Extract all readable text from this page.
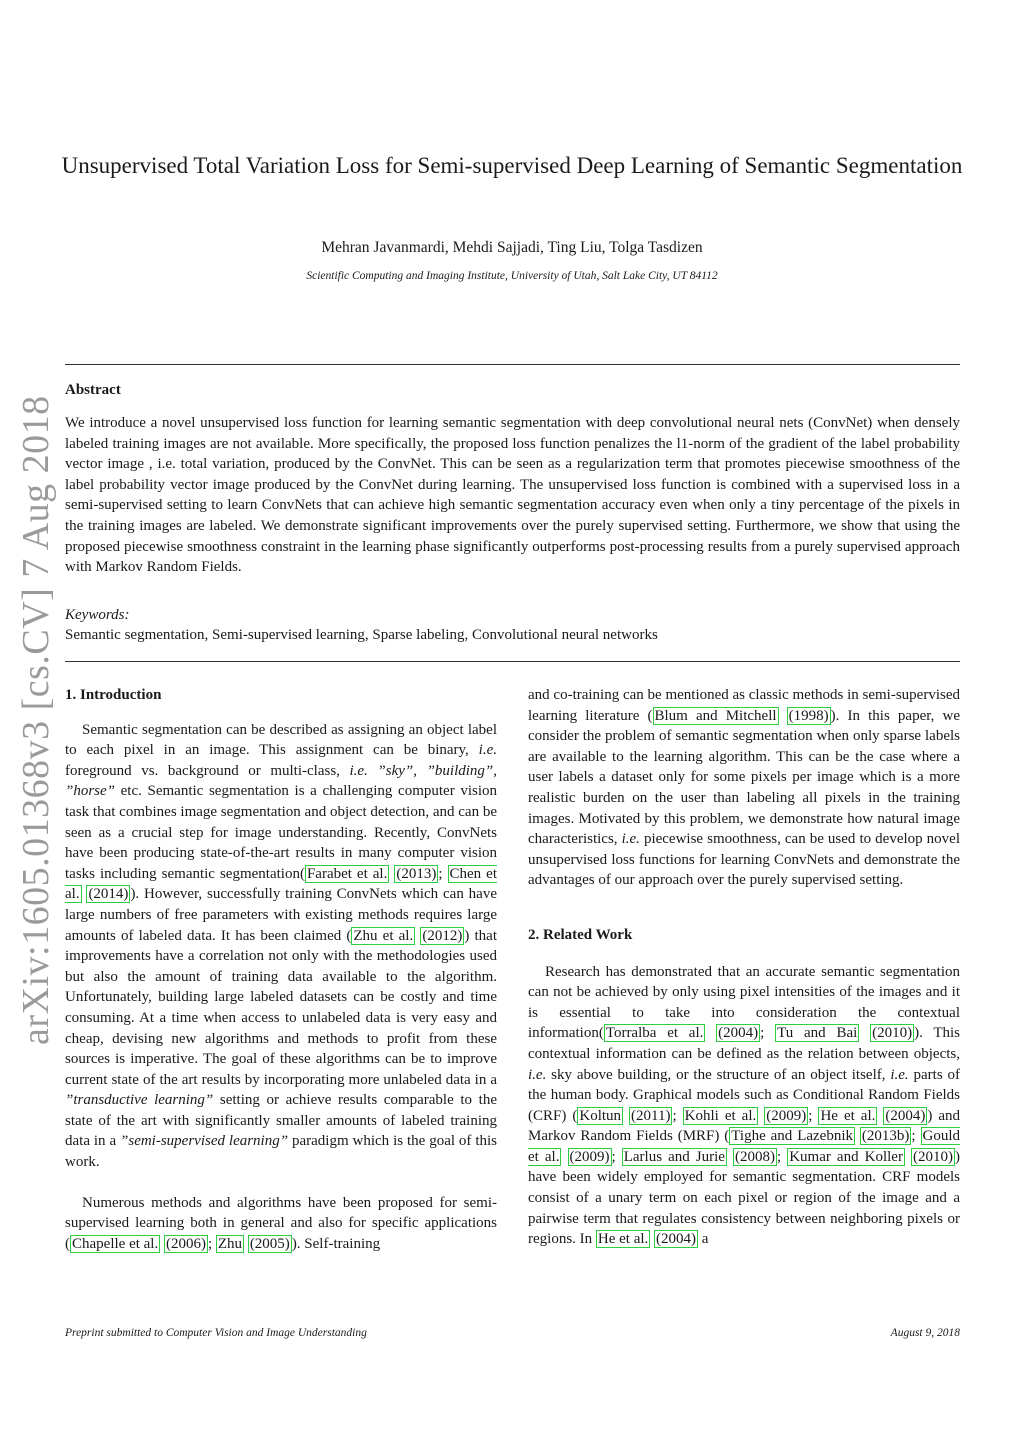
Unsupervised Total Variation Loss for Semi-supervised Deep Learning of Semantic Segmentation
Mehran Javanmardi, Mehdi Sajjadi, Ting Liu, Tolga Tasdizen
Scientific Computing and Imaging Institute, University of Utah, Salt Lake City, UT 84112
arXiv:1605.01368v3 [cs.CV] 7 Aug 2018
Abstract
We introduce a novel unsupervised loss function for learning semantic segmentation with deep convolutional neural nets (ConvNet) when densely labeled training images are not available. More specifically, the proposed loss function penalizes the l1-norm of the gradient of the label probability vector image , i.e. total variation, produced by the ConvNet. This can be seen as a regularization term that promotes piecewise smoothness of the label probability vector image produced by the ConvNet during learning. The unsupervised loss function is combined with a supervised loss in a semi-supervised setting to learn ConvNets that can achieve high semantic segmentation accuracy even when only a tiny percentage of the pixels in the training images are labeled. We demonstrate significant improvements over the purely supervised setting. Furthermore, we show that using the proposed piecewise smoothness constraint in the learning phase significantly outperforms post-processing results from a purely supervised approach with Markov Random Fields.
Keywords:
Semantic segmentation, Semi-supervised learning, Sparse labeling, Convolutional neural networks
1. Introduction

Semantic segmentation can be described as assigning an object label to each pixel in an image. This assignment can be binary, i.e. foreground vs. background or multi-class, i.e. ”sky”, ”building”, ”horse” etc. Semantic segmentation is a challenging computer vision task that combines image segmentation and object detection, and can be seen as a crucial step for image understanding. Recently, ConvNets have been producing state-of-the-art results in many computer vision tasks including semantic segmentation( Farabet et al. (2013) ; Chen et al. (2014) ). However, successfully training ConvNets which can have large numbers of free parameters with existing methods requires large amounts of labeled data. It has been claimed ( Zhu et al. (2012) ) that improvements have a correlation not only with the methodologies used but also the amount of training data available to the algorithm. Unfortunately, building large labeled datasets can be costly and time consuming. At a time when access to unlabeled data is very easy and cheap, devising new algorithms and methods to profit from these sources is imperative. The goal of these algorithms can be to improve current state of the art results by incorporating more unlabeled data in a ”transductive learning” setting or achieve results comparable to the state of the art with significantly smaller amounts of labeled training data in a ”semi-supervised learning” paradigm which is the goal of this work.

Numerous methods and algorithms have been proposed for semi-supervised learning both in general and also for specific applications ( Chapelle et al. (2006) ; Zhu (2005) ). Self-training

and co-training can be mentioned as classic methods in semi-supervised learning literature ( Blum and Mitchell (1998) ). In this paper, we consider the problem of semantic segmentation when only sparse labels are available to the learning algorithm. This can be the case where a user labels a dataset only for some pixels per image which is a more realistic burden on the user than labeling all pixels in the training images. Motivated by this problem, we demonstrate how natural image characteristics, i.e. piecewise smoothness, can be used to develop novel unsupervised loss functions for learning ConvNets and demonstrate the advantages of our approach over the purely supervised setting.

2. Related Work

Research has demonstrated that an accurate semantic segmentation can not be achieved by only using pixel intensities of the images and it is essential to take into consideration the contextual information( Torralba et al. (2004) ; Tu and Bai (2010) ). This contextual information can be defined as the relation between objects, i.e. sky above building, or the structure of an object itself, i.e. parts of the human body. Graphical models such as Conditional Random Fields (CRF) ( Koltun (2011) ; Kohli et al. (2009) ; He et al. (2004) ) and Markov Random Fields (MRF) ( Tighe and Lazebnik (2013b) ; Gould et al. (2009) ; Larlus and Jurie (2008) ; Kumar and Koller (2010) ) have been widely employed for semantic segmentation. CRF models consist of a unary term on each pixel or region of the image and a pairwise term that regulates consistency between neighboring pixels or regions. In He et al. (2004) a

Preprint submitted to Computer Vision and Image Understanding	August 9, 2018
